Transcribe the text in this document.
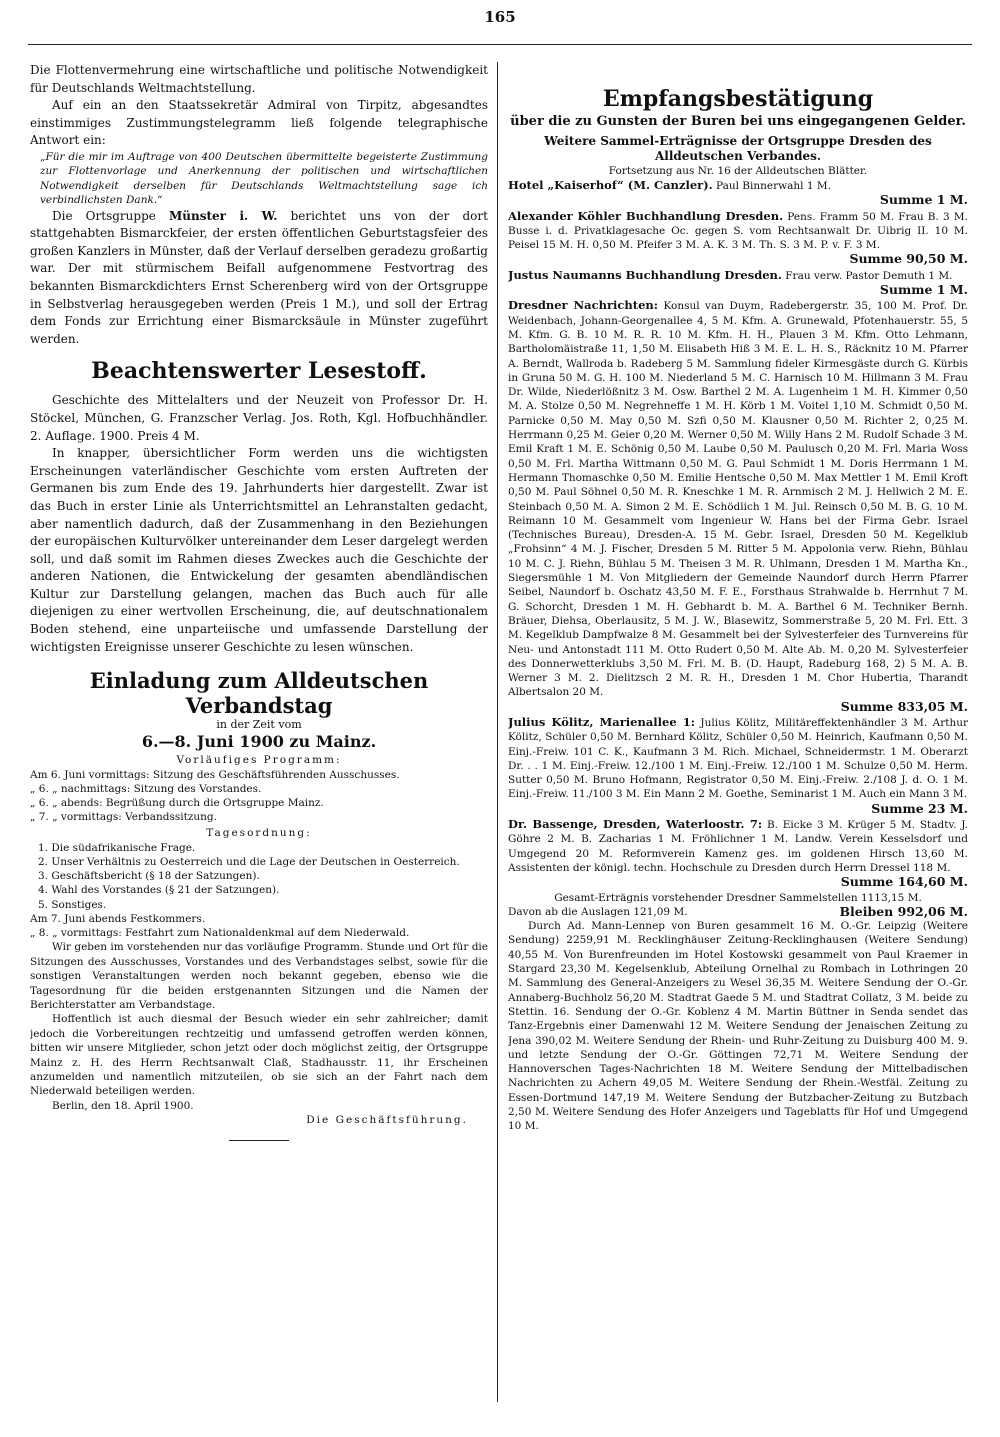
165

Die Flottenvermehrung eine wirtschaftliche und politische Notwendigkeit für Deutschlands Weltmachtstellung.

Auf ein an den Staatssekretär Admiral von Tirpitz, abgesandtes einstimmiges Zustimmungstelegramm ließ folgende telegraphische Antwort ein:

„Für die mir im Auftrage von 400 Deutschen übermittelte begeisterte Zustimmung zur Flottenvorlage und Anerkennung der politischen und wirtschaftlichen Notwendigkeit derselben für Deutschlands Weltmachtstellung sage ich verbindlichsten Dank.“

Die Ortsgruppe Münster i. W. berichtet uns von der dort stattgehabten Bismarckfeier, der ersten öffentlichen Geburtstagsfeier des großen Kanzlers in Münster, daß der Verlauf derselben geradezu großartig war. Der mit stürmischem Beifall aufgenommene Festvortrag des bekannten Bismarckdichters Ernst Scherenberg wird von der Ortsgruppe in Selbstverlag herausgegeben werden (Preis 1 M.), und soll der Ertrag dem Fonds zur Errichtung einer Bismarcksäule in Münster zugeführt werden.

Beachtenswerter Lesestoff.

Geschichte des Mittelalters und der Neuzeit von Professor Dr. H. Stöckel, München, G. Franzscher Verlag. Jos. Roth, Kgl. Hofbuchhändler. 2. Auflage. 1900. Preis 4 M.

In knapper, übersichtlicher Form werden uns die wichtigsten Erscheinungen vaterländischer Geschichte vom ersten Auftreten der Germanen bis zum Ende des 19. Jahrhunderts hier dargestellt. Zwar ist das Buch in erster Linie als Unterrichtsmittel an Lehranstalten gedacht, aber namentlich dadurch, daß der Zusammenhang in den Beziehungen der europäischen Kulturvölker untereinander dem Leser dargelegt werden soll, und daß somit im Rahmen dieses Zweckes auch die Geschichte der anderen Nationen, die Entwickelung der gesamten abendländischen Kultur zur Darstellung gelangen, machen das Buch auch für alle diejenigen zu einer wertvollen Erscheinung, die, auf deutschnationalem Boden stehend, eine unparteiische und umfassende Darstellung der wichtigsten Ereignisse unserer Geschichte zu lesen wünschen.

Einladung zum Alldeutschen Verbandstag
in der Zeit vom
6.—8. Juni 1900 zu Mainz.
Vorläufiges Programm:
Am 6. Juni vormittags: Sitzung des Geschäftsführenden Ausschusses.
„ 6. „ nachmittags: Sitzung des Vorstandes.
„ 6. „ abends: Begrüßung durch die Ortsgruppe Mainz.
„ 7. „ vormittags: Verbandssitzung.
Tagesordnung:
1. Die südafrikanische Frage.
2. Unser Verhältnis zu Oesterreich und die Lage der Deutschen in Oesterreich.
3. Geschäftsbericht (§ 18 der Satzungen).
4. Wahl des Vorstandes (§ 21 der Satzungen).
5. Sonstiges.
Am 7. Juni abends Festkommers.
„ 8. „ vormittags: Festfahrt zum Nationaldenkmal auf dem Niederwald.

Wir geben im vorstehenden nur das vorläufige Programm. Stunde und Ort für die Sitzungen des Ausschusses, Vorstandes und des Verbandstages selbst, sowie für die sonstigen Veranstaltungen werden noch bekannt gegeben, ebenso wie die Tagesordnung für die beiden erstgenannten Sitzungen und die Namen der Berichterstatter am Verbandstage.

Hoffentlich ist auch diesmal der Besuch wieder ein sehr zahlreicher; damit jedoch die Vorbereitungen rechtzeitig und umfassend getroffen werden können, bitten wir unsere Mitglieder, schon jetzt oder doch möglichst zeitig, der Ortsgruppe Mainz z. H. des Herrn Rechtsanwalt Claß, Stadhausstr. 11, ihr Erscheinen anzumelden und namentlich mitzuteilen, ob sie sich an der Fahrt nach dem Niederwald beteiligen werden.

Berlin, den 18. April 1900.

Die Geschäftsführung.

Empfangsbestätigung
über die zu Gunsten der Buren bei uns eingegangenen Gelder.
Weitere Sammel-Erträgnisse der Ortsgruppe Dresden des Alldeutschen Verbandes.
Fortsetzung aus Nr. 16 der Alldeutschen Blätter.

Hotel „Kaiserhof“ (M. Canzler). Paul Binnerwahl 1 M.

Summe 1 M.

Alexander Köhler Buchhandlung Dresden. Pens. Framm 50 M. Frau B. 3 M. Busse i. d. Privatklagesache Oc. gegen S. vom Rechtsanwalt Dr. Uibrig II. 10 M. Peisel 15 M. H. 0,50 M. Pfeifer 3 M. A. K. 3 M. Th. S. 3 M. P. v. F. 3 M.

Summe 90,50 M.

Justus Naumanns Buchhandlung Dresden. Frau verw. Pastor Demuth 1 M.

Summe 1 M.

Dresdner Nachrichten: Konsul van Duym, Radebergerstr. 35, 100 M. Prof. Dr. Weidenbach, Johann-Georgenallee 4, 5 M. Kfm. A. Grunewald, Pfotenhauerstr. 55, 5 M. Kfm. G. B. 10 M. R. R. 10 M. Kfm. H. H., Plauen 3 M. Kfm. Otto Lehmann, Bartholomäistraße 11, 1,50 M. Elisabeth Hiß 3 M. E. L. H. S., Räcknitz 10 M. Pfarrer A. Berndt, Wallroda b. Radeberg 5 M. Sammlung fideler Kirmesgäste durch G. Kürbis in Gruna 50 M. G. H. 100 M. Niederland 5 M. C. Harnisch 10 M. Hillmann 3 M. Frau Dr. Wilde, Niederlößnitz 3 M. Osw. Barthel 2 M. A. Lugenheim 1 M. H. Kimmer 0,50 M. A. Stolze 0,50 M. Negrehneffe 1 M. H. Körb 1 M. Voitel 1,10 M. Schmidt 0,50 M. Parnicke 0,50 M. May 0,50 M. Szfi 0,50 M. Klausner 0,50 M. Richter 2, 0,25 M. Herrmann 0,25 M. Geier 0,20 M. Werner 0,50 M. Willy Hans 2 M. Rudolf Schade 3 M. Emil Kraft 1 M. E. Schönig 0,50 M. Laube 0,50 M. Paulusch 0,20 M. Frl. Maria Woss 0,50 M. Frl. Martha Wittmann 0,50 M. G. Paul Schmidt 1 M. Doris Herrmann 1 M. Hermann Thomaschke 0,50 M. Emilie Hentsche 0,50 M. Max Mettler 1 M. Emil Kroft 0,50 M. Paul Söhnel 0,50 M. R. Kneschke 1 M. R. Arnmisch 2 M. J. Hellwich 2 M. E. Steinbach 0,50 M. A. Simon 2 M. E. Schödlich 1 M. Jul. Reinsch 0,50 M. B. G. 10 M. Reimann 10 M. Gesammelt vom Ingenieur W. Hans bei der Firma Gebr. Israel (Technisches Bureau), Dresden-A. 15 M. Gebr. Israel, Dresden 50 M. Kegelklub „Frohsinn“ 4 M. J. Fischer, Dresden 5 M. Ritter 5 M. Appolonia verw. Riehn, Bühlau 10 M. C. J. Riehn, Bühlau 5 M. Theisen 3 M. R. Uhlmann, Dresden 1 M. Martha Kn., Siegersmühle 1 M. Von Mitgliedern der Gemeinde Naundorf durch Herrn Pfarrer Seibel, Naundorf b. Oschatz 43,50 M. F. E., Forsthaus Strahwalde b. Herrnhut 7 M. G. Schorcht, Dresden 1 M. H. Gebhardt b. M. A. Barthel 6 M. Techniker Bernh. Bräuer, Diehsa, Oberlausitz, 5 M. J. W., Blasewitz, Sommerstraße 5, 20 M. Frl. Ett. 3 M. Kegelklub Dampfwalze 8 M. Gesammelt bei der Sylvesterfeier des Turnvereins für Neu- und Antonstadt 111 M. Otto Rudert 0,50 M. Alte Ab. M. 0,20 M. Sylvesterfeier des Donnerwetterklubs 3,50 M. Frl. M. B. (D. Haupt, Radeburg 168, 2) 5 M. A. B. Werner 3 M. 2. Dielitzsch 2 M. R. H., Dresden 1 M. Chor Hubertia, Tharandt Albertsalon 20 M.

Summe 833,05 M.

Julius Kölitz, Marienallee 1: Julius Kölitz, Militäreffektenhändler 3 M. Arthur Kölitz, Schüler 0,50 M. Bernhard Kölitz, Schüler 0,50 M. Heinrich, Kaufmann 0,50 M. Einj.-Freiw. 101 C. K., Kaufmann 3 M. Rich. Michael, Schneidermstr. 1 M. Oberarzt Dr. . . 1 M. Einj.-Freiw. 12./100 1 M. Einj.-Freiw. 12./100 1 M. Schulze 0,50 M. Herm. Sutter 0,50 M. Bruno Hofmann, Registrator 0,50 M. Einj.-Freiw. 2./108 J. d. O. 1 M. Einj.-Freiw. 11./100 3 M. Ein Mann 2 M. Goethe, Seminarist 1 M. Auch ein Mann 3 M.

Summe 23 M.

Dr. Bassenge, Dresden, Waterloostr. 7: B. Eicke 3 M. Krüger 5 M. Stadtv. J. Göhre 2 M. B. Zacharias 1 M. Fröhlichner 1 M. Landw. Verein Kesselsdorf und Umgegend 20 M. Reformverein Kamenz ges. im goldenen Hirsch 13,60 M. Assistenten der königl. techn. Hochschule zu Dresden durch Herrn Dressel 118 M.

Summe 164,60 M.
Gesamt-Erträgnis vorstehender Dresdner Sammelstellen 1113,15 M.
Davon ab die Auslagen 121,09 M.	Bleiben 992,06 M.

Durch Ad. Mann-Lennep von Buren gesammelt 16 M. O.-Gr. Leipzig (Weitere Sendung) 2259,91 M. Recklinghäuser Zeitung-Recklinghausen (Weitere Sendung) 40,55 M. Von Burenfreunden im Hotel Kostowski gesammelt von Paul Kraemer in Stargard 23,30 M. Kegelsenklub, Abteilung Ornelhal zu Rombach in Lothringen 20 M. Sammlung des General-Anzeigers zu Wesel 36,35 M. Weitere Sendung der O.-Gr. Annaberg-Buchholz 56,20 M. Stadtrat Gaede 5 M. und Stadtrat Collatz, 3 M. beide zu Stettin. 16. Sendung der O.-Gr. Koblenz 4 M. Martin Büttner in Senda sendet das Tanz-Ergebnis einer Damenwahl 12 M. Weitere Sendung der Jenaischen Zeitung zu Jena 390,02 M. Weitere Sendung der Rhein- und Ruhr-Zeitung zu Duisburg 400 M. 9. und letzte Sendung der O.-Gr. Göttingen 72,71 M. Weitere Sendung der Hannoverschen Tages-Nachrichten 18 M. Weitere Sendung der Mittelbadischen Nachrichten zu Achern 49,05 M. Weitere Sendung der Rhein.-Westfäl. Zeitung zu Essen-Dortmund 147,19 M. Weitere Sendung der Butzbacher-Zeitung zu Butzbach 2,50 M. Weitere Sendung des Hofer Anzeigers und Tageblatts für Hof und Umgegend 10 M.
